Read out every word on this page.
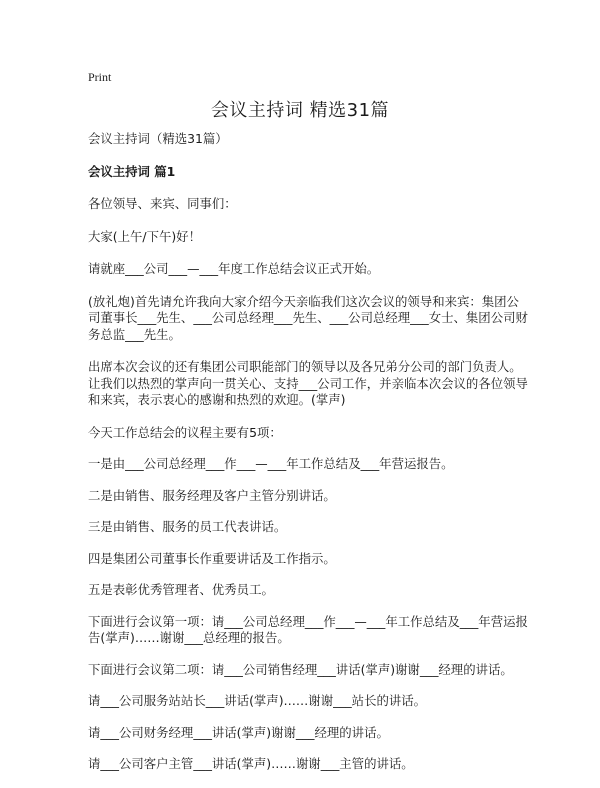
Print
会议主持词 精选31篇

会议主持词（精选31篇）

会议主持词 篇1

各位领导、来宾、同事们：

大家(上午/下午)好！

请就座___公司___—___年度工作总结会议正式开始。

(放礼炮)首先请允许我向大家介绍今天亲临我们这次会议的领导和来宾：集团公司董事长___先生、___公司总经理___先生、___公司总经理___女士、集团公司财务总监___先生。

出席本次会议的还有集团公司职能部门的领导以及各兄弟分公司的部门负责人。让我们以热烈的掌声向一贯关心、支持___公司工作，并亲临本次会议的各位领导和来宾，表示衷心的感谢和热烈的欢迎。(掌声)

今天工作总结会的议程主要有5项：

一是由___公司总经理___作___—___年工作总结及___年营运报告。

二是由销售、服务经理及客户主管分别讲话。

三是由销售、服务的员工代表讲话。

四是集团公司董事长作重要讲话及工作指示。

五是表彰优秀管理者、优秀员工。

下面进行会议第一项：请___公司总经理___作___—___年工作总结及___年营运报告(掌声)……谢谢___总经理的报告。

下面进行会议第二项：请___公司销售经理___讲话(掌声)谢谢___经理的讲话。

请___公司服务站站长___讲话(掌声)……谢谢___站长的讲话。

请___公司财务经理___讲话(掌声)谢谢___经理的讲话。

请___公司客户主管___讲话(掌声)……谢谢___主管的讲话。
